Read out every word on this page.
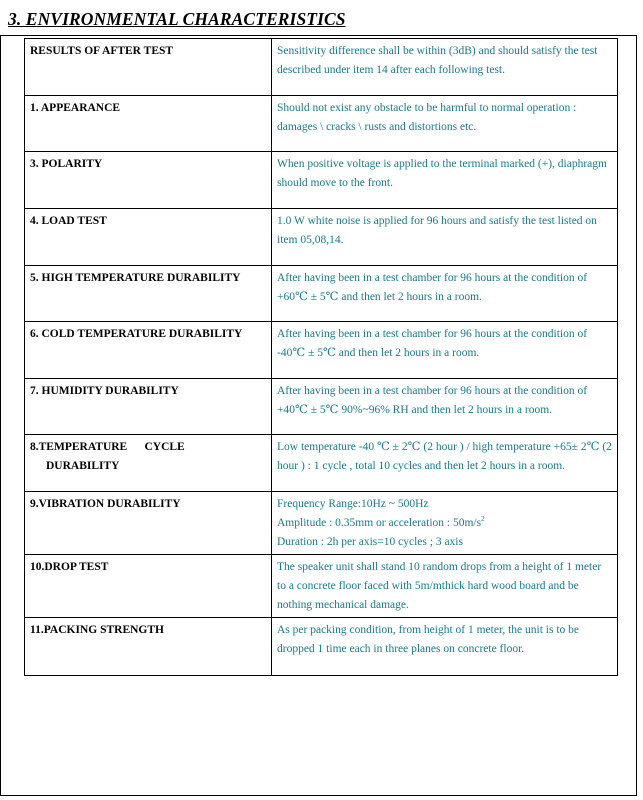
3. ENVIRONMENTAL CHARACTERISTICS
RESULTS OF AFTER TEST	Sensitivity difference shall be within (3dB) and should satisfy the test described under item 14 after each following test.
1. APPEARANCE	Should not exist any obstacle to be harmful to normal operation : damages \ cracks \ rusts and distortions etc.
3. POLARITY	When positive voltage is applied to the terminal marked (+), diaphragm should move to the front.
4. LOAD TEST	1.0 W white noise is applied for 96 hours and satisfy the test listed on item 05,08,14.
5. HIGH TEMPERATURE DURABILITY	After having been in a test chamber for 96 hours at the condition of +60℃ ± 5℃ and then let 2 hours in a room.
6. COLD TEMPERATURE DURABILITY	After having been in a test chamber for 96 hours at the condition of -40℃ ± 5℃ and then let 2 hours in a room.
7. HUMIDITY DURABILITY	After having been in a test chamber for 96 hours at the condition of +40℃ ± 5℃ 90%~96% RH and then let 2 hours in a room.
8.TEMPERATURE      CYCLE
DURABILITY	Low temperature -40 ℃ ± 2℃ (2 hour ) / high temperature +65± 2℃ (2 hour ) : 1 cycle , total 10 cycles and then let 2 hours in a room.
9.VIBRATION DURABILITY	Frequency Range:10Hz ~ 500Hz
Amplitude : 0.35mm or acceleration : $50m/s^2$
Duration : 2h per axis=10 cycles ; 3 axis

10.DROP TEST	The speaker unit shall stand 10 random drops from a height of 1 meter to a concrete floor faced with 5m/mthick hard wood board and be nothing mechanical damage.
11.PACKING STRENGTH	As per packing condition, from height of 1 meter, the unit is to be dropped 1 time each in three planes on concrete floor.
